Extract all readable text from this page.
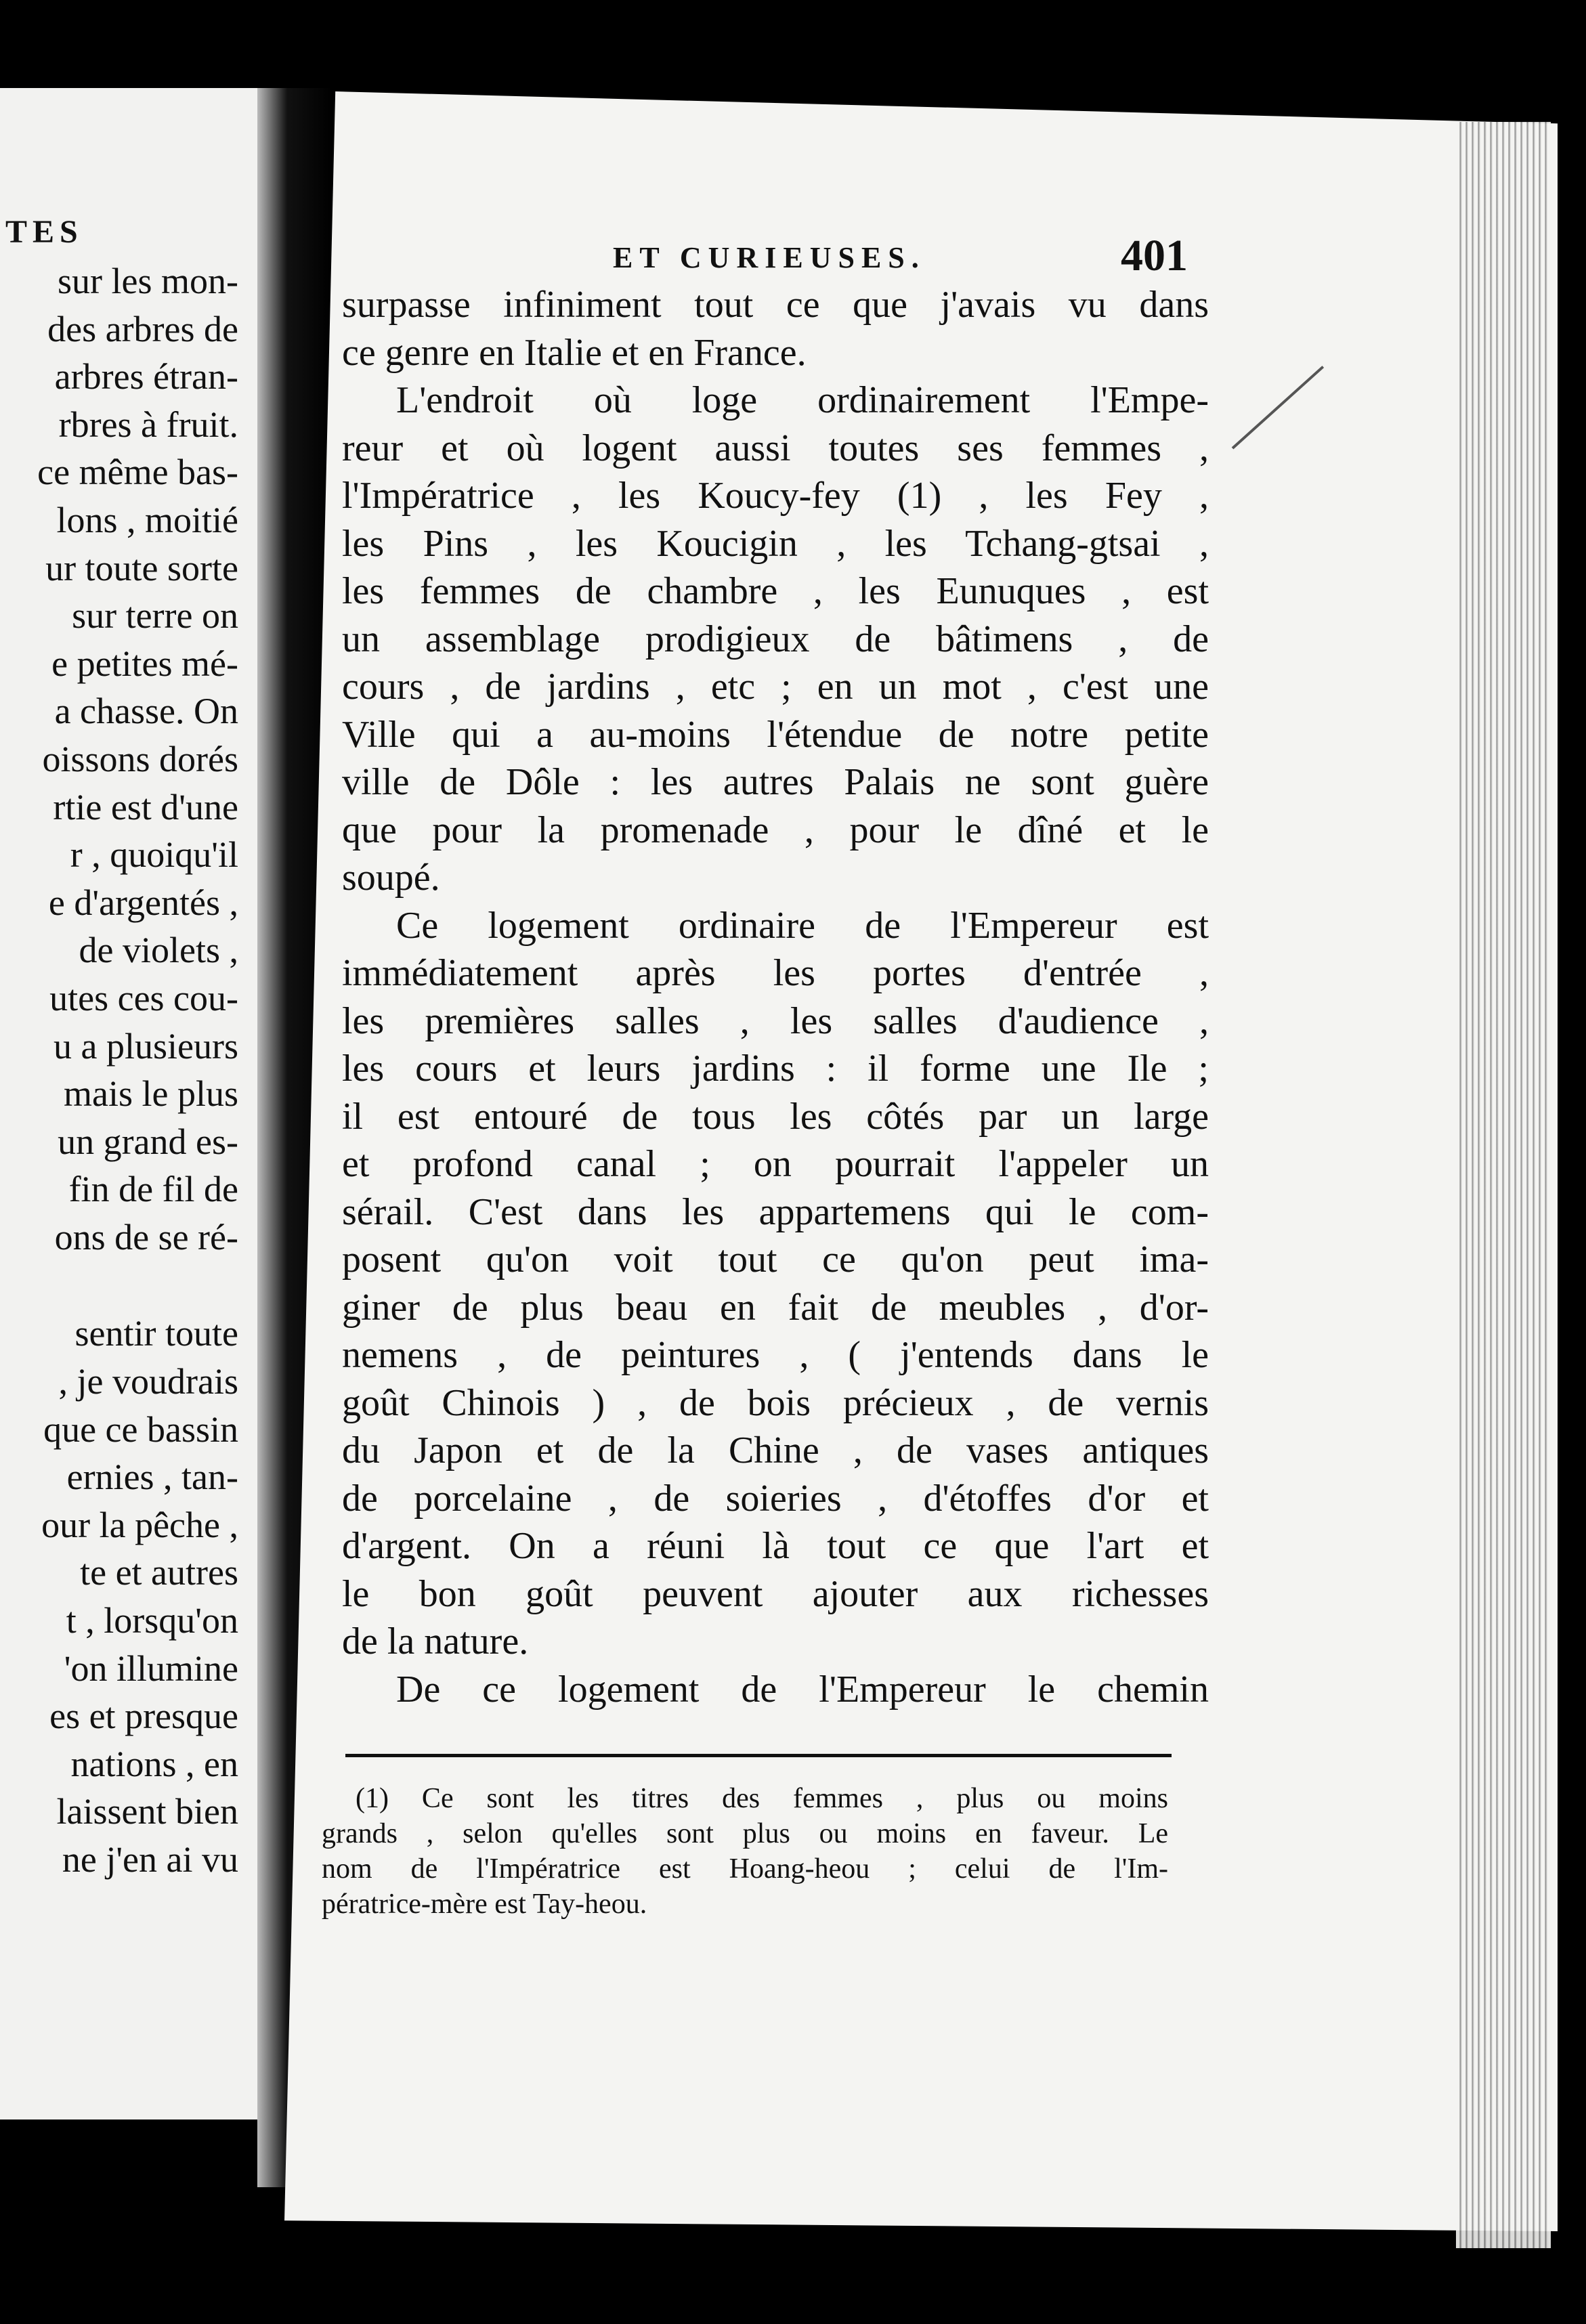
TES
sur les mon-
des arbres de
arbres étran-
rbres à fruit.
ce même bas-
lons , moitié
ur toute sorte
sur terre on
e petites mé-
a chasse. On
oissons dorés
rtie est d'une
r , quoiqu'il
e d'argentés ,
de violets ,
utes ces cou-
u a plusieurs
mais le plus
un grand es-
fin de fil de
ons de se ré-
sentir toute
, je voudrais
que ce bassin
ernies , tan-
our la pêche ,
te et autres
t , lorsqu'on
'on illumine
es et presque
nations , en
laissent bien
ne j'en ai vu
ET CURIEUSES.	401
surpasse infiniment tout ce que j'avais vu dans
ce genre en Italie et en France.
L'endroit où loge ordinairement l'Empe-
reur et où logent aussi toutes ses femmes ,
l'Impératrice , les Koucy-fey (1) , les Fey ,
les Pins , les Koucigin , les Tchang-gtsai ,
les femmes de chambre , les Eunuques , est
un assemblage prodigieux de bâtimens , de
cours , de jardins , etc ; en un mot , c'est une
Ville qui a au-moins l'étendue de notre petite
ville de Dôle : les autres Palais ne sont guère
que pour la promenade , pour le dîné et le
soupé.
Ce logement ordinaire de l'Empereur est
immédiatement après les portes d'entrée ,
les premières salles , les salles d'audience ,
les cours et leurs jardins : il forme une Ile ;
il est entouré de tous les côtés par un large
et profond canal ; on pourrait l'appeler un
sérail. C'est dans les appartemens qui le com-
posent qu'on voit tout ce qu'on peut ima-
giner de plus beau en fait de meubles , d'or-
nemens , de peintures , ( j'entends dans le
goût Chinois ) , de bois précieux , de vernis
du Japon et de la Chine , de vases antiques
de porcelaine , de soieries , d'étoffes d'or et
d'argent. On a réuni là tout ce que l'art et
le bon goût peuvent ajouter aux richesses
de la nature.
De ce logement de l'Empereur le chemin
(1) Ce sont les titres des femmes , plus ou moins
grands , selon qu'elles sont plus ou moins en faveur. Le
nom de l'Impératrice est Hoang-heou ; celui de l'Im-
pératrice-mère est Tay-heou.
